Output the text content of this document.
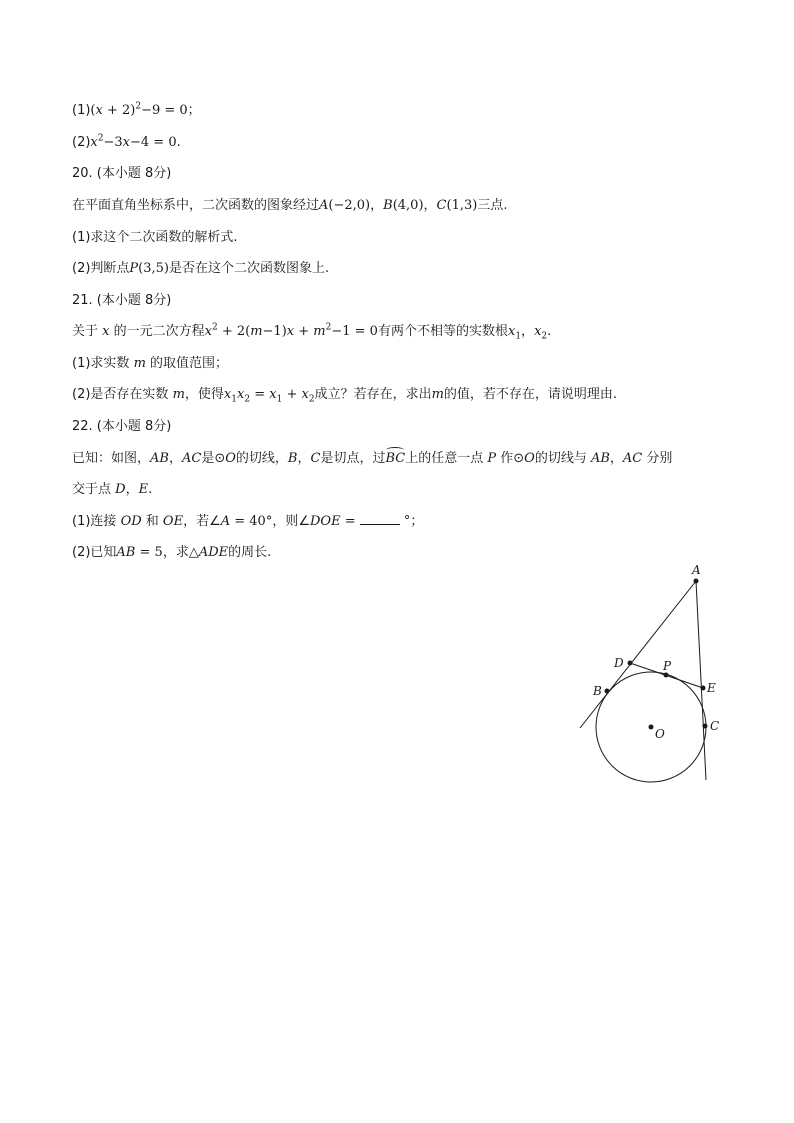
$(1)(x + 2)^2-9 = 0$；
$(2)x^2-3x-4 = 0$.
20. (本小题 8分)
在平面直角坐标系中，二次函数的图象经过A(−2,0)，B(4,0)，C(1,3)三点.
(1)求这个二次函数的解析式.
(2)判断点P(3,5)是否在这个二次函数图象上.
21. (本小题 8分)
关于 x 的一元二次方程$x^2 + 2(m-1)x + m^2-1 = 0$有两个不相等的实数根$x_1$，$x_2$.
(1)求实数 m 的取值范围；
(2)是否存在实数 m，使得$x_1x_2 = x_1 + x_2$成立？若存在，求出m的值，若不存在，请说明理由.
22. (本小题 8分)
已知：如图，AB，AC是⊙O的切线，B，C是切点，过BC上的任意一点 P 作⊙O的切线与 AB，AC 分别
交于点 D，E.
(1)连接 OD 和 OE，若∠A = 40°，则∠DOE =	°；
(2)已知AB = 5，求△ADE的周长.
A
D	P
B	E
C
O
